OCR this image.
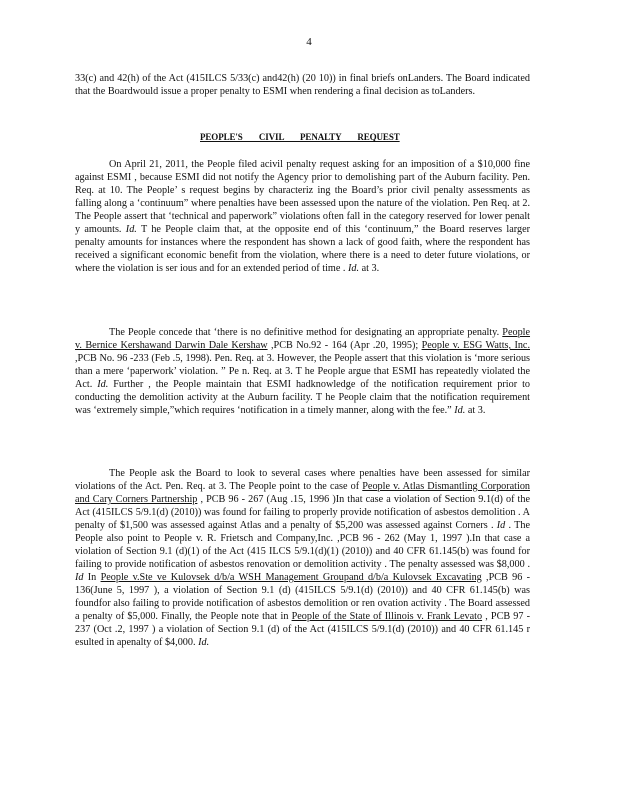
4

33(c) and 42(h) of the Act (415ILCS 5/33(c) and42(h) (20 10)) in final briefs onLanders. The Board indicated that the Boardwould issue a proper penalty to ESMI when rendering a final decision as toLanders.

PEOPLE'S CIVIL PENALTY REQUEST

On April 21, 2011, the People filed acivil penalty request asking for an imposition of a $10,000 fine against ESMI , because ESMI did not notify the Agency prior to demolishing part of the Auburn facility. Pen. Req. at 10. The People’ s request begins by characteriz ing the Board’s prior civil penalty assessments as falling along a ‘continuum” where penalties have been assessed upon the nature of the violation. Pen Req. at 2. The People assert that ‘technical and paperwork” violations often fall in the category reserved for lower penalt y amounts. Id. T he People claim that, at the opposite end of this ‘continuum,” the Board reserves larger penalty amounts for instances where the respondent has shown a lack of good faith, where the respondent has received a significant economic benefit from the violation, where there is a need to deter future violations, or where the violation is ser ious and for an extended period of time . Id. at 3.

The People concede that ‘there is no definitive method for designating an appropriate penalty. People v. Bernice Kershawand Darwin Dale Kershaw ,PCB No.92 - 164 (Apr .20, 1995); People v. ESG Watts, Inc. ,PCB No. 96 -233 (Feb .5, 1998). Pen. Req. at 3. However, the People assert that this violation is ‘more serious than a mere ‘paperwork’ violation. ” Pe n. Req. at 3. T he People argue that ESMI has repeatedly violated the Act. Id. Further , the People maintain that ESMI hadknowledge of the notification requirement prior to conducting the demolition activity at the Auburn facility. T he People claim that the notification requirement was ‘extremely simple,”which requires ‘notification in a timely manner, along with the fee.” Id. at 3.

The People ask the Board to look to several cases where penalties have been assessed for similar violations of the Act. Pen. Req. at 3. The People point to the case of People v. Atlas Dismantling Corporation and Cary Corners Partnership , PCB 96 - 267 (Aug .15, 1996 )In that case a violation of Section 9.1(d) of the Act (415ILCS 5/9.1(d) (2010)) was found for failing to properly provide notification of asbestos demolition . A penalty of $1,500 was assessed against Atlas and a penalty of $5,200 was assessed against Corners . Id . The People also point to People v. R. Frietsch and Company,Inc. ,PCB 96 - 262 (May 1, 1997 ).In that case a violation of Section 9.1 (d)(1) of the Act (415 ILCS 5/9.1(d)(1) (2010)) and 40 CFR 61.145(b) was found for failing to provide notification of asbestos renovation or demolition activity . The penalty assessed was $8,000 . Id In People v.Ste ve Kulovsek d/b/a WSH Management Groupand d/b/a Kulovsek Excavating ,PCB 96 - 136(June 5, 1997 ), a violation of Section 9.1 (d) (415ILCS 5/9.1(d) (2010)) and 40 CFR 61.145(b) was foundfor also failing to provide notification of asbestos demolition or ren ovation activity . The Board assessed a penalty of $5,000. Finally, the People note that in People of the State of Illinois v. Frank Levato , PCB 97 - 237 (Oct .2, 1997 ) a violation of Section 9.1 (d) of the Act (415ILCS 5/9.1(d) (2010)) and 40 CFR 61.145 r esulted in apenalty of $4,000. Id.
